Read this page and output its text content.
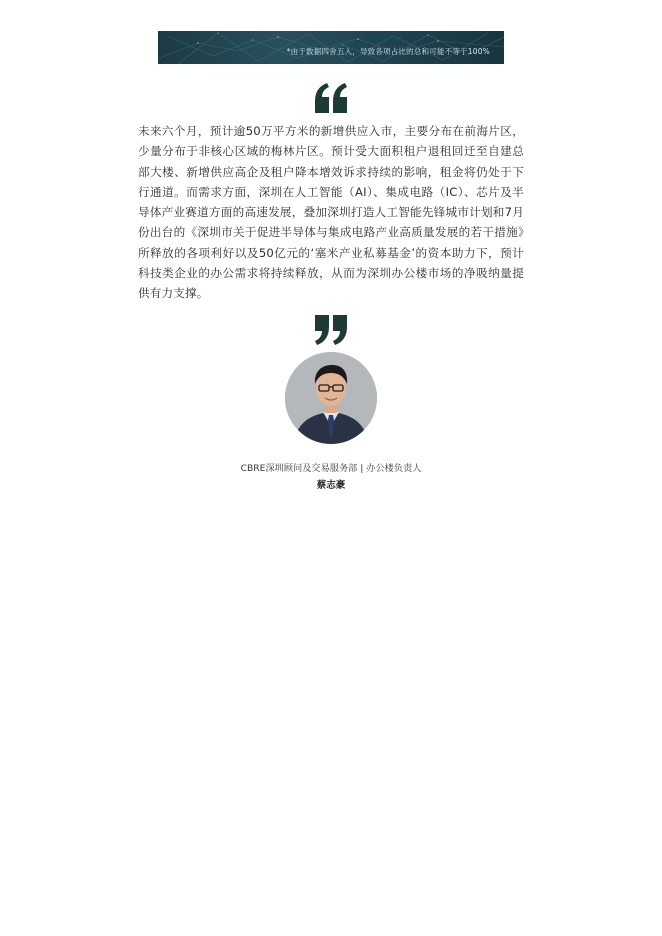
*由于数据四舍五入，导致各项占比的总和可能不等于100%
未来六个月，预计逾50万平方米的新增供应入市，主要分布在前海片区，少量分布于非核心区域的梅林片区。预计受大面积租户退租回迁至自建总部大楼、新增供应高企及租户降本增效诉求持续的影响，租金将仍处于下行通道。而需求方面，深圳在人工智能（AI）、集成电路（IC）、芯片及半导体产业赛道方面的高速发展，叠加深圳打造人工智能先锋城市计划和7月份出台的《深圳市关于促进半导体与集成电路产业高质量发展的若干措施》所释放的各项利好以及50亿元的‘塞米产业私募基金’的资本助力下，预计科技类企业的办公需求将持续释放，从而为深圳办公楼市场的净吸纳量提供有力支撑。
CBRE深圳顾问及交易服务部 | 办公楼负责人
蔡志豪
